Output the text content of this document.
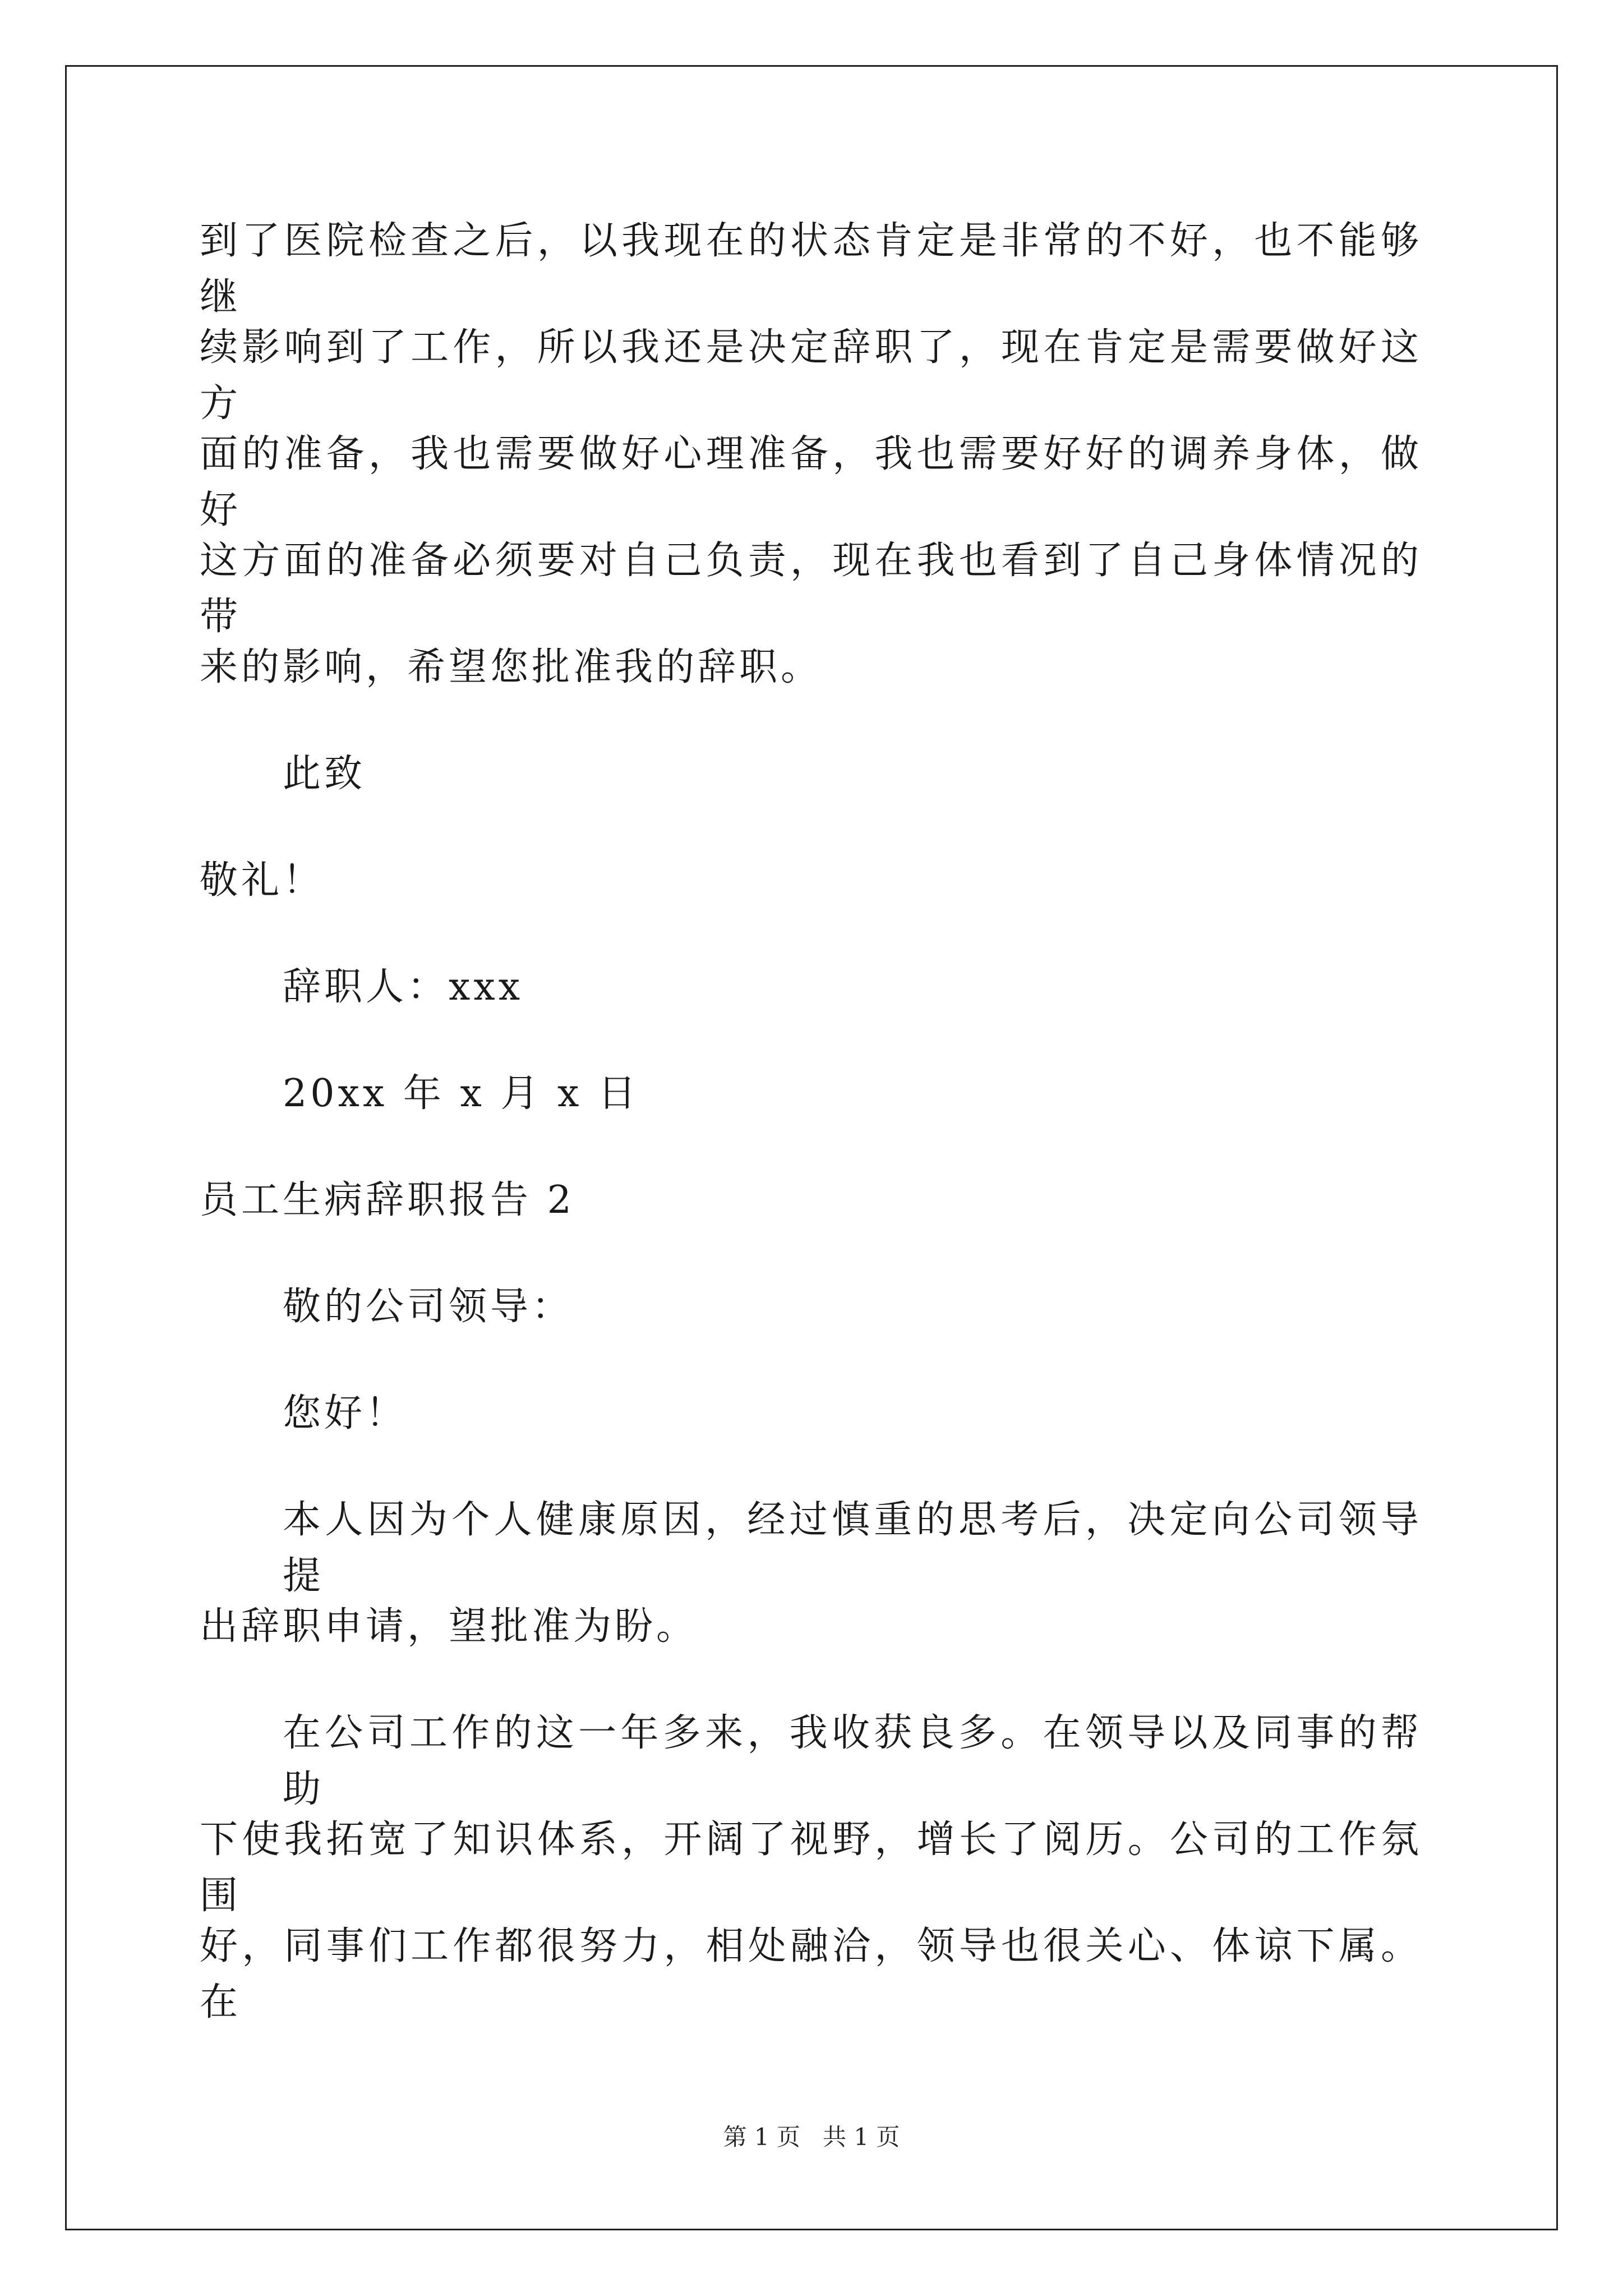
到了医院检查之后，以我现在的状态肯定是非常的不好，也不能够继
续影响到了工作，所以我还是决定辞职了，现在肯定是需要做好这方
面的准备，我也需要做好心理准备，我也需要好好的调养身体，做好
这方面的准备必须要对自己负责，现在我也看到了自己身体情况的带
来的影响，希望您批准我的辞职。
此致
敬礼！
辞职人：xxx
20xx 年 x 月 x 日
员工生病辞职报告 2
敬的公司领导：
您好！
本人因为个人健康原因，经过慎重的思考后，决定向公司领导提
出辞职申请，望批准为盼。
在公司工作的这一年多来，我收获良多。在领导以及同事的帮助
下使我拓宽了知识体系，开阔了视野，增长了阅历。公司的工作氛围
好，同事们工作都很努力，相处融洽，领导也很关心、体谅下属。在
第 1 页 共 1 页
